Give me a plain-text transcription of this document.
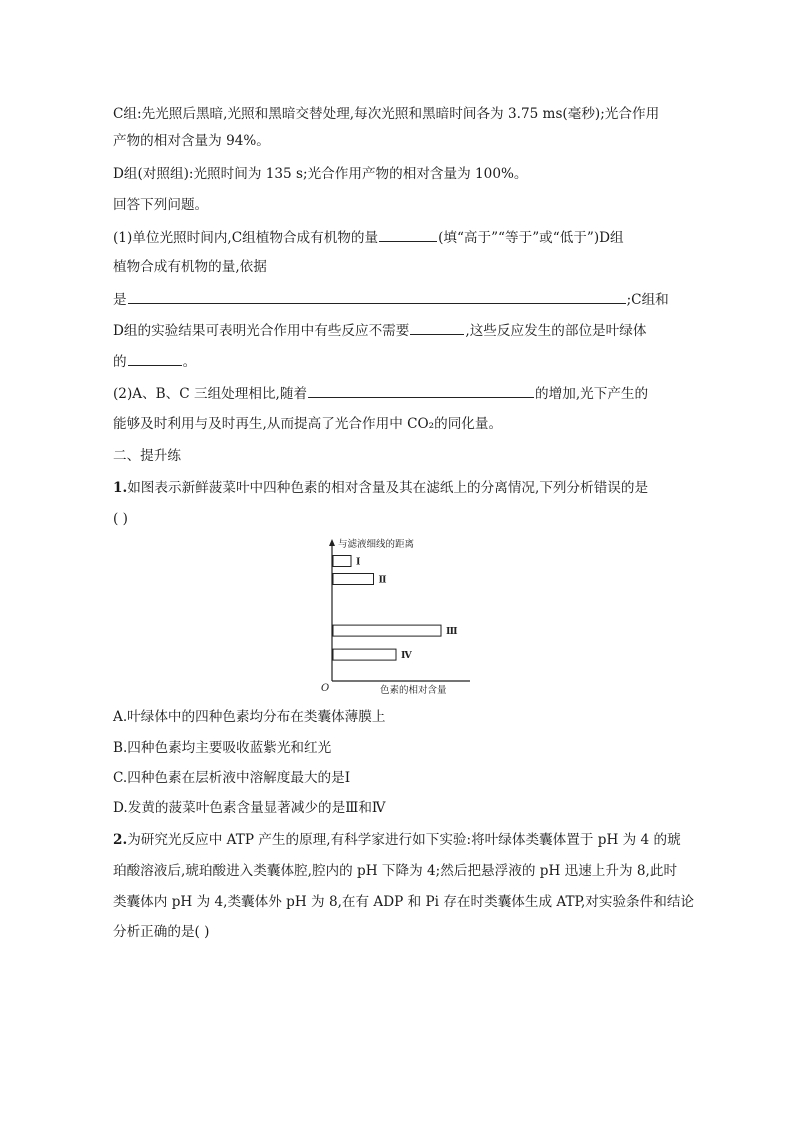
C组:先光照后黑暗,光照和黑暗交替处理,每次光照和黑暗时间各为 3.75 ms(毫秒);光合作用
产物的相对含量为 94%。
D组(对照组):光照时间为 135 s;光合作用产物的相对含量为 100%。
回答下列问题。
(1)单位光照时间内,C组植物合成有机物的量	(填“高于”“等于”或“低于”)D组
植物合成有机物的量,依据
是	;C组和
D组的实验结果可表明光合作用中有些反应不需要	,这些反应发生的部位是叶绿体
的	。
(2)A、B、C 三组处理相比,随着	的增加,光下产生的
能够及时利用与及时再生,从而提高了光合作用中 CO₂的同化量。
二、提升练
1.如图表示新鲜菠菜叶中四种色素的相对含量及其在滤纸上的分离情况,下列分析错误的是
( )
与滤液细线的距离
色素的相对含量
O
Ⅰ
Ⅱ
Ⅲ
Ⅳ
A.叶绿体中的四种色素均分布在类囊体薄膜上
B.四种色素均主要吸收蓝紫光和红光
C.四种色素在层析液中溶解度最大的是Ⅰ
D.发黄的菠菜叶色素含量显著减少的是Ⅲ和Ⅳ
2.为研究光反应中 ATP 产生的原理,有科学家进行如下实验:将叶绿体类囊体置于 pH 为 4 的琥
珀酸溶液后,琥珀酸进入类囊体腔,腔内的 pH 下降为 4;然后把悬浮液的 pH 迅速上升为 8,此时
类囊体内 pH 为 4,类囊体外 pH 为 8,在有 ADP 和 Pi 存在时类囊体生成 ATP,对实验条件和结论
分析正确的是( )
